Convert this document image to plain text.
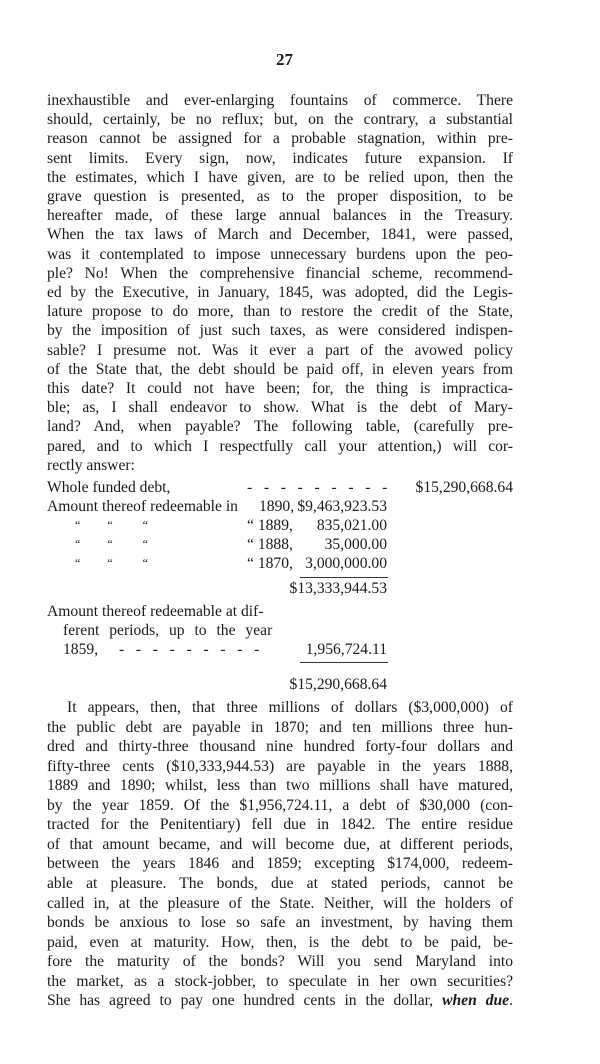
27
inexhaustible and ever-enlarging fountains of commerce. There
should, certainly, be no reflux; but, on the contrary, a substantial
reason cannot be assigned for a probable stagnation, within pre-
sent limits. Every sign, now, indicates future expansion. If
the estimates, which I have given, are to be relied upon, then the
grave question is presented, as to the proper disposition, to be
hereafter made, of these large annual balances in the Treasury.
When the tax laws of March and December, 1841, were passed,
was it contemplated to impose unnecessary burdens upon the peo-
ple? No! When the comprehensive financial scheme, recommend-
ed by the Executive, in January, 1845, was adopted, did the Legis-
lature propose to do more, than to restore the credit of the State,
by the imposition of just such taxes, as were considered indispen-
sable? I presume not. Was it ever a part of the avowed policy
of the State that, the debt should be paid off, in eleven years from
this date? It could not have been; for, the thing is impractica-
ble; as, I shall endeavor to show. What is the debt of Mary-
land? And, when payable? The following table, (carefully pre-
pared, and to which I respectfully call your attention,) will cor-
rectly answer:
Whole funded debt,	-   -   -   -   -   -   -   -   - $15,290,668.64
Amount thereof redeemable in 1890, $9,463,923.53
“         “          “	“ 1889, 835,021.00
“         “          “	“ 1888, 35,000.00
“         “          “	“ 1870, 3,000,000.00
$13,333,944.53
Amount thereof redeemable at dif-
ferent periods, up to the year
1859, -   -   -   -   -   -   -   -   -	1,956,724.11
$15,290,668.64
It appears, then, that three millions of dollars ($3,000,000) of
the public debt are payable in 1870; and ten millions three hun-
dred and thirty-three thousand nine hundred forty-four dollars and
fifty-three cents ($10,333,944.53) are payable in the years 1888,
1889 and 1890; whilst, less than two millions shall have matured,
by the year 1859. Of the $1,956,724.11, a debt of $30,000 (con-
tracted for the Penitentiary) fell due in 1842. The entire residue
of that amount became, and will become due, at different periods,
between the years 1846 and 1859; excepting $174,000, redeem-
able at pleasure. The bonds, due at stated periods, cannot be
called in, at the pleasure of the State. Neither, will the holders of
bonds be anxious to lose so safe an investment, by having them
paid, even at maturity. How, then, is the debt to be paid, be-
fore the maturity of the bonds? Will you send Maryland into
the market, as a stock-jobber, to speculate in her own securities?
She has agreed to pay one hundred cents in the dollar, when due.
